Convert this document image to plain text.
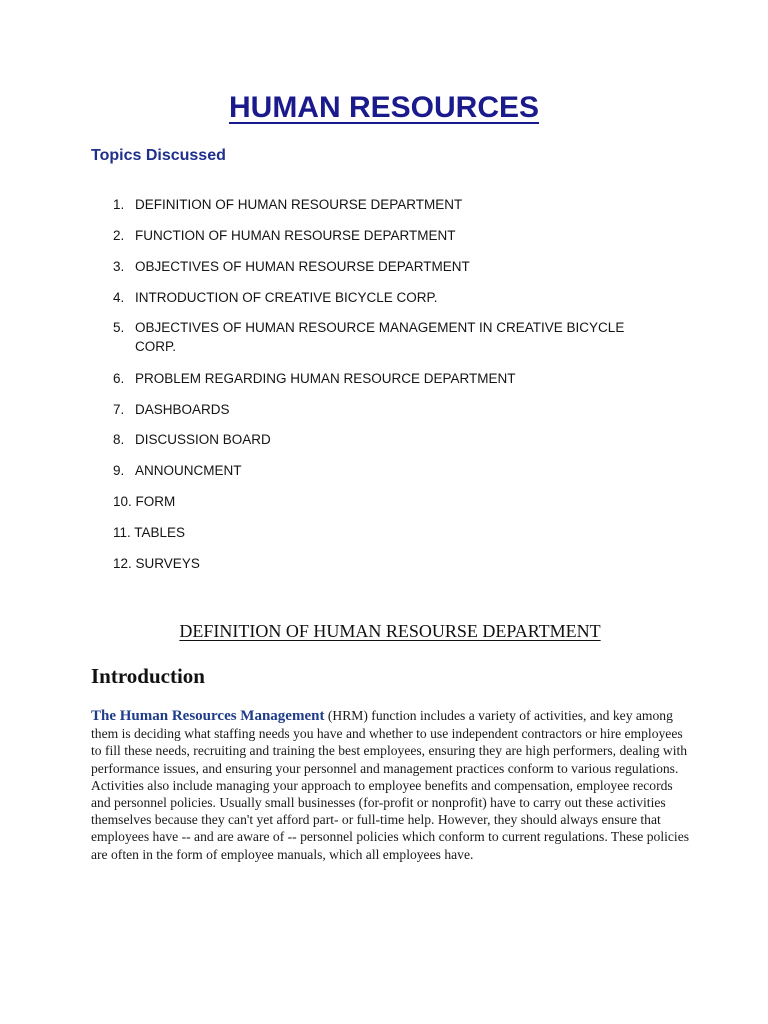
HUMAN RESOURCES
Topics Discussed
1. DEFINITION OF HUMAN RESOURSE DEPARTMENT
2. FUNCTION OF HUMAN RESOURSE DEPARTMENT
3. OBJECTIVES OF HUMAN RESOURSE DEPARTMENT
4. INTRODUCTION OF CREATIVE BICYCLE CORP.
5. OBJECTIVES OF HUMAN RESOURCE MANAGEMENT IN CREATIVE BICYCLE CORP.
6. PROBLEM REGARDING HUMAN RESOURCE DEPARTMENT
7. DASHBOARDS
8. DISCUSSION BOARD
9. ANNOUNCMENT
10. FORM
11. TABLES
12. SURVEYS
DEFINITION OF HUMAN RESOURSE DEPARTMENT
Introduction

The Human Resources Management (HRM) function includes a variety of activities, and key among them is deciding what staffing needs you have and whether to use independent contractors or hire employees to fill these needs, recruiting and training the best employees, ensuring they are high performers, dealing with performance issues, and ensuring your personnel and management practices conform to various regulations. Activities also include managing your approach to employee benefits and compensation, employee records and personnel policies. Usually small businesses (for-profit or nonprofit) have to carry out these activities themselves because they can't yet afford part- or full-time help. However, they should always ensure that employees have -- and are aware of -- personnel policies which conform to current regulations. These policies are often in the form of employee manuals, which all employees have.
